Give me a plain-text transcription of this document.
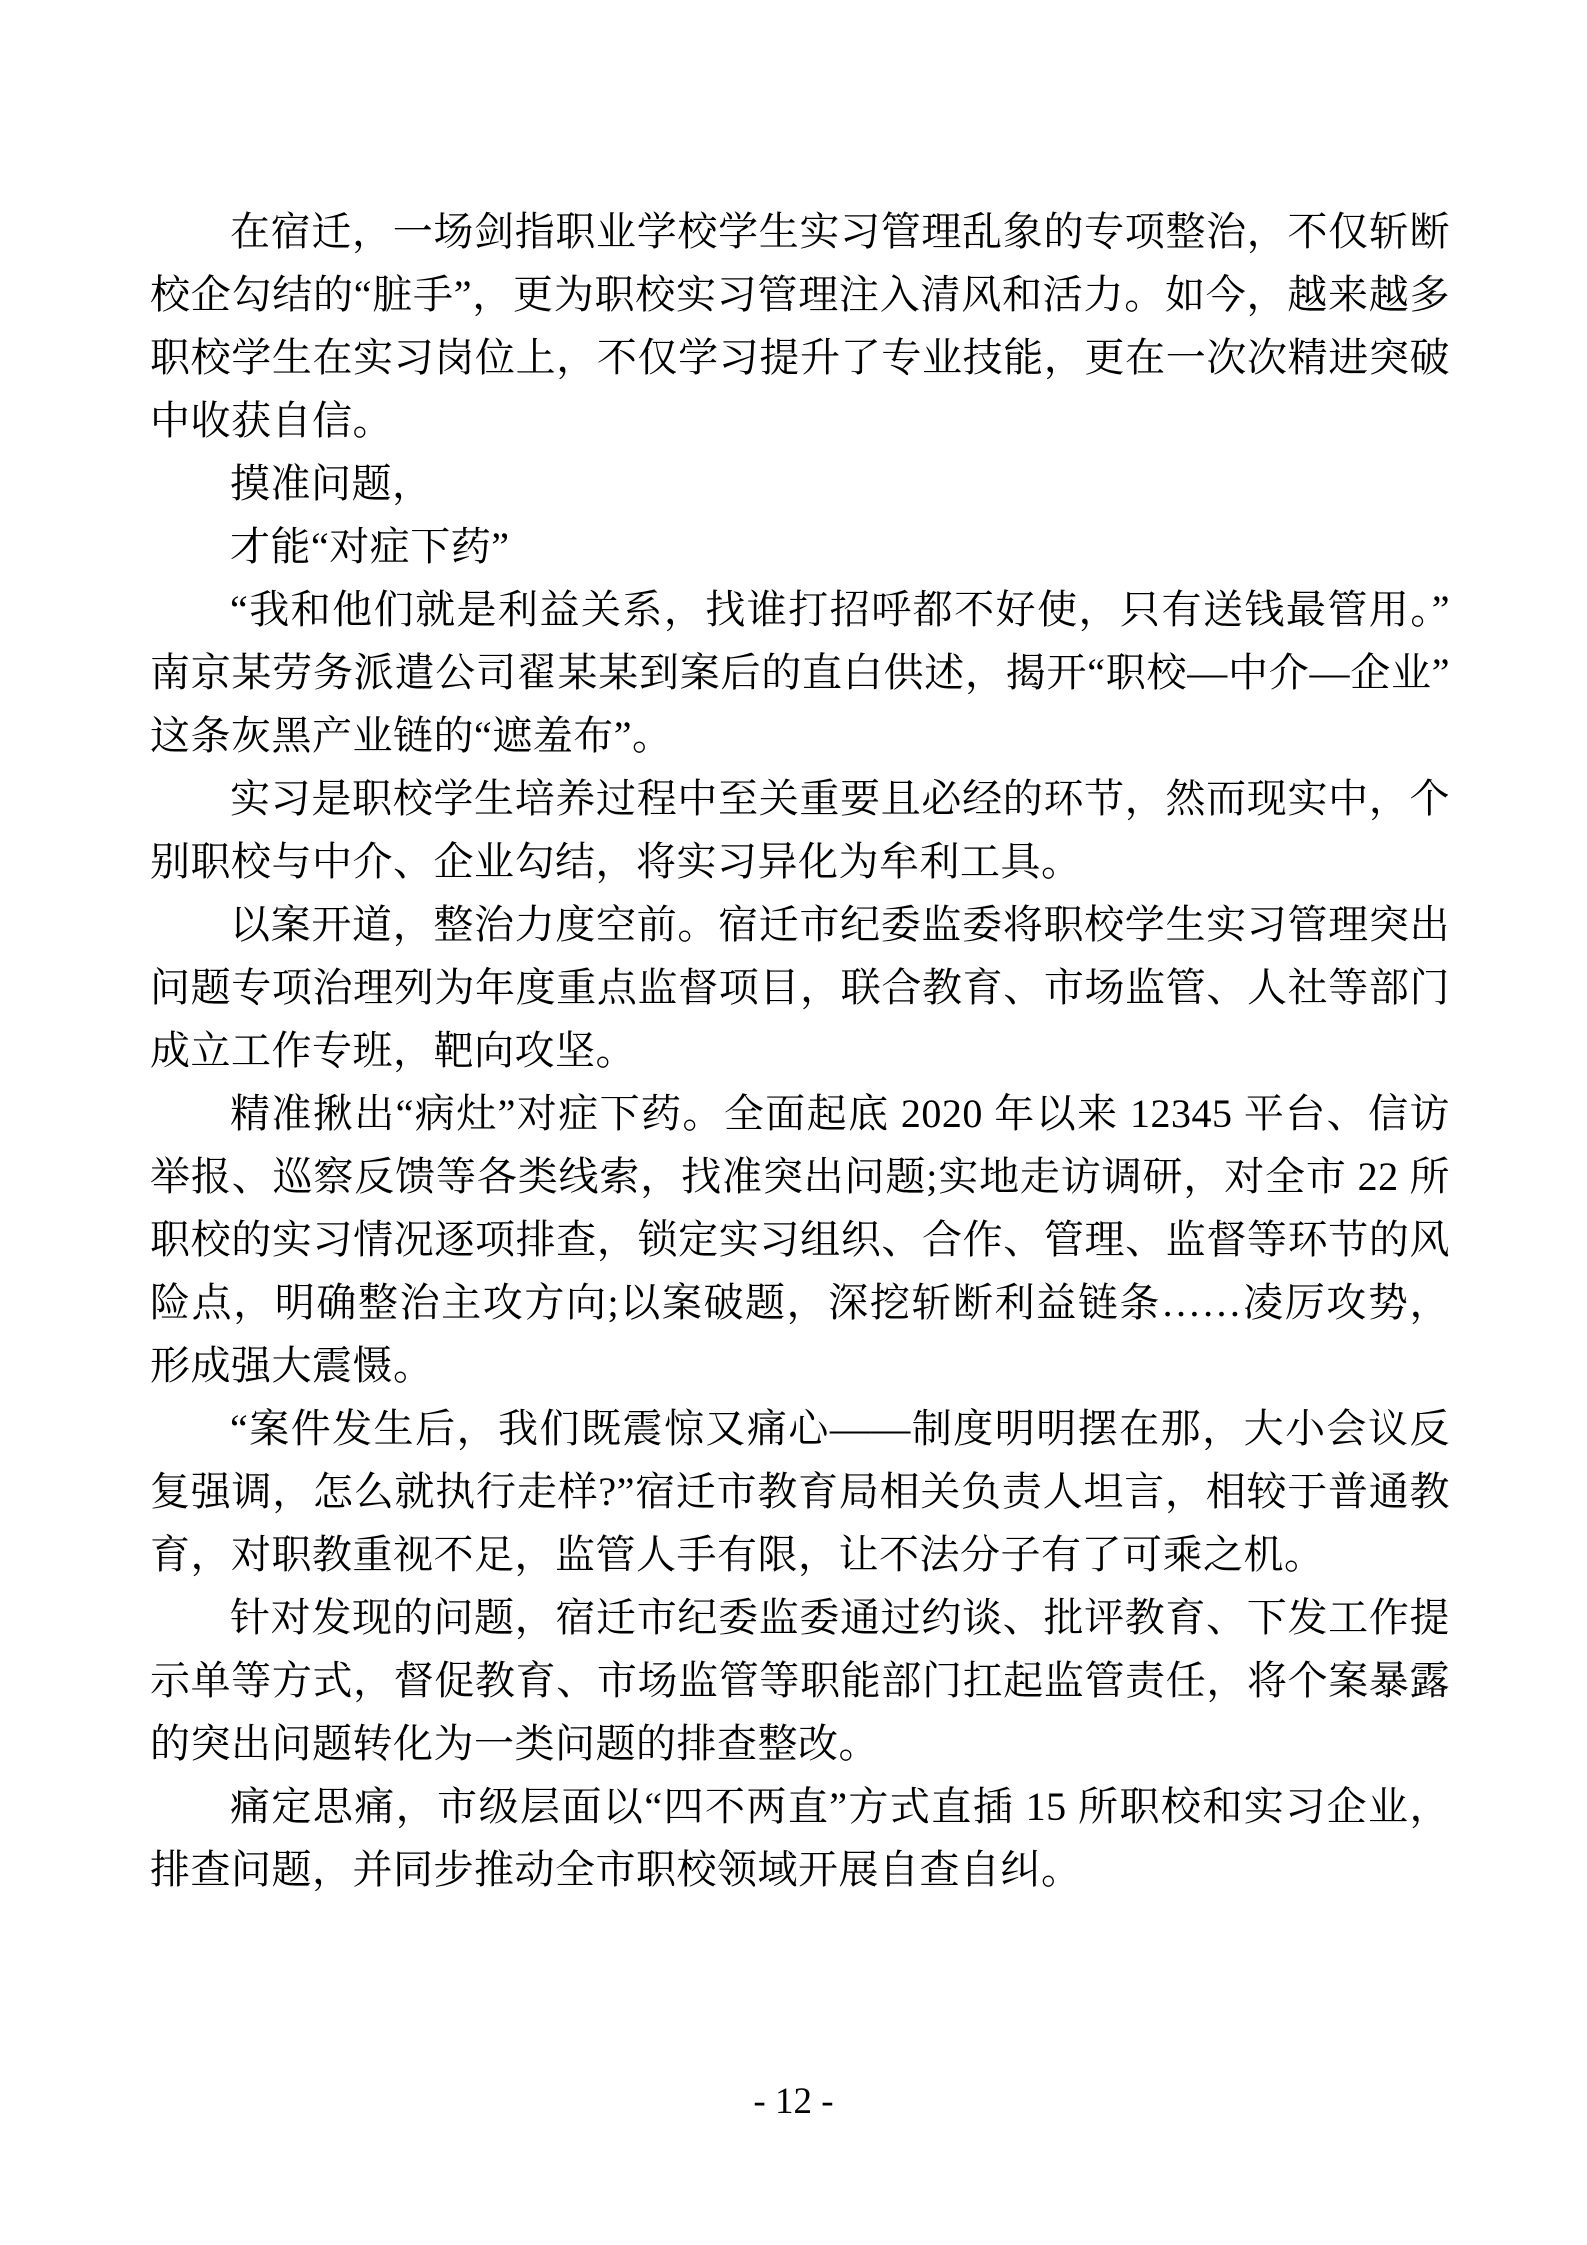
在宿迁，一场剑指职业学校学生实习管理乱象的专项整治，不仅斩断校企勾结的“脏手”，更为职校实习管理注入清风和活力。如今，越来越多职校学生在实习岗位上，不仅学习提升了专业技能，更在一次次精进突破中收获自信。

摸准问题，

才能“对症下药”

“我和他们就是利益关系，找谁打招呼都不好使，只有送钱最管用。”南京某劳务派遣公司翟某某到案后的直白供述，揭开“职校—中介—企业”这条灰黑产业链的“遮羞布”。

实习是职校学生培养过程中至关重要且必经的环节，然而现实中，个别职校与中介、企业勾结，将实习异化为牟利工具。

以案开道，整治力度空前。宿迁市纪委监委将职校学生实习管理突出问题专项治理列为年度重点监督项目，联合教育、市场监管、人社等部门成立工作专班，靶向攻坚。

精准揪出“病灶”对症下药。全面起底 2020 年以来 12345 平台、信访举报、巡察反馈等各类线索，找准突出问题;实地走访调研，对全市 22 所职校的实习情况逐项排查，锁定实习组织、合作、管理、监督等环节的风险点，明确整治主攻方向;以案破题，深挖斩断利益链条……凌厉攻势，形成强大震慑。

“案件发生后，我们既震惊又痛心——制度明明摆在那，大小会议反复强调，怎么就执行走样?”宿迁市教育局相关负责人坦言，相较于普通教育，对职教重视不足，监管人手有限，让不法分子有了可乘之机。

针对发现的问题，宿迁市纪委监委通过约谈、批评教育、下发工作提示单等方式，督促教育、市场监管等职能部门扛起监管责任，将个案暴露的突出问题转化为一类问题的排查整改。

痛定思痛，市级层面以“四不两直”方式直插 15 所职校和实习企业，排查问题，并同步推动全市职校领域开展自查自纠。

- 12 -
